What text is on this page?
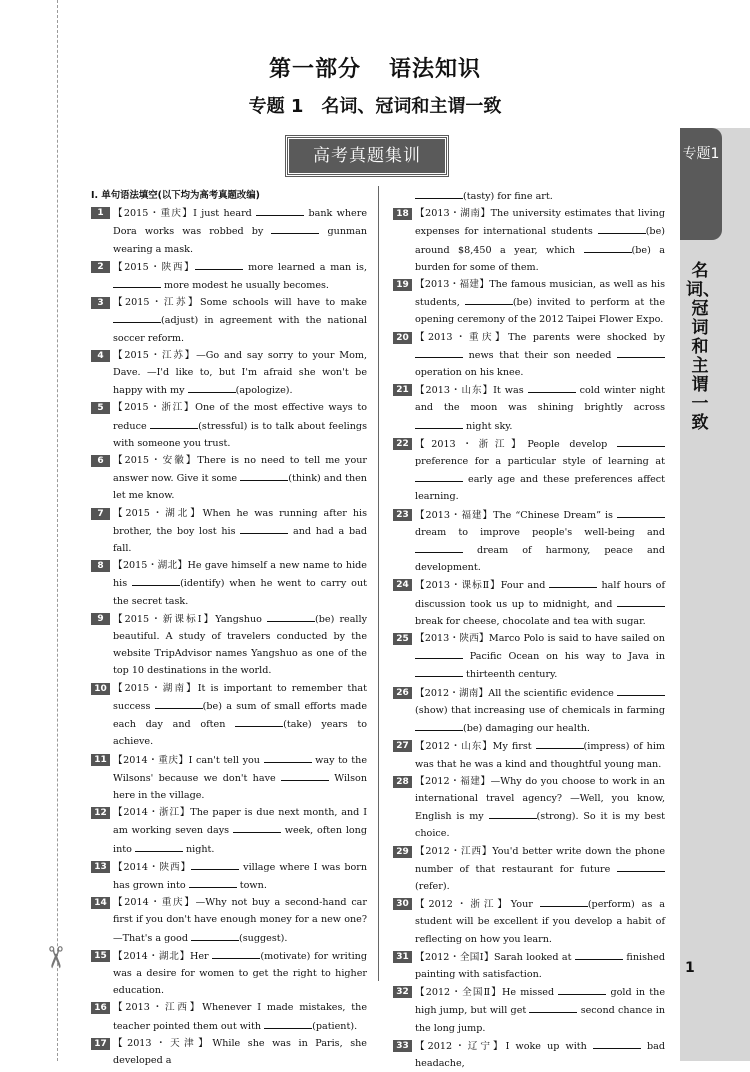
✂
第一部分 语法知识
专题 1　名词、冠词和主谓一致
高考真题集训	专题1
名词、冠词和主谓一致
Ⅰ. 单句语法填空(以下均为高考真题改编)
1 【2015・重庆】I just heard	bank where Dora works was robbed by	gunman wearing a mask.
2 【2015・陕西】	more learned a man is,  more modest he usually becomes.
3 【2015・江苏】Some schools will have to make (adjust) in agreement with the national soccer reform.
4 【2015・江苏】—Go and say sorry to your Mom, Dave. —I'd like to, but I'm afraid she won't be happy with my	(apologize).
5 【2015・浙江】One of the most effective ways to reduce	(stressful) is to talk about feelings with someone you trust.
6 【2015・安徽】There is no need to tell me your answer now. Give it some	(think) and then let me know.
7 【2015・湖北】When he was running after his brother, the boy lost his	and had a bad fall.
8 【2015・湖北】He gave himself a new name to hide his	(identify) when he went to carry out the secret task.
9 【2015・新课标Ⅰ】Yangshuo	(be) really beautiful. A study of travelers conducted by the website TripAdvisor names Yangshuo as one of the top 10 destinations in the world.
10 【2015・湖南】It is important to remember that success	(be) a sum of small efforts made each day and often	(take) years to achieve.
11 【2014・重庆】I can't tell you	way to the Wilsons' because we don't have	Wilson here in the village.
12 【2014・浙江】The paper is due next month, and I am working seven days	week, often long into	night.
13 【2014・陕西】	village where I was born has grown into	town.
14 【2014・重庆】—Why not buy a second-hand car first if you don't have enough money for a new one? —That's a good	(suggest).
15 【2014・湖北】Her	(motivate) for writing was a desire for women to get the right to higher education.
16 【2013・江西】Whenever I made mistakes, the teacher pointed them out with	(patient).
17 【2013・天津】While she was in Paris, she developed a
(tasty) for fine art.
18 【2013・湖南】The university estimates that living expenses for international students	(be) around $8,450 a year, which	(be) a burden for some of them.
19 【2013・福建】The famous musician, as well as his students,	(be) invited to perform at the opening ceremony of the 2012 Taipei Flower Expo.
20 【2013・重庆】The parents were shocked by  news that their son needed  operation on his knee.
21 【2013・山东】It was	cold winter night and the moon was shining brightly across  night sky.
22 【2013・浙江】People develop  preference for a particular style of learning at  early age and these preferences affect learning.
23 【2013・福建】The “Chinese Dream” is  dream to improve people's well-being and  dream of harmony, peace and development.
24 【2013・课标Ⅱ】Four and	half hours of discussion took us up to midnight, and  break for cheese, chocolate and tea with sugar.
25 【2013・陕西】Marco Polo is said to have sailed on  Pacific Ocean on his way to Java in  thirteenth century.
26 【2012・湖南】All the scientific evidence (show) that increasing use of chemicals in farming (be) damaging our health.
27 【2012・山东】My first	(impress) of him was that he was a kind and thoughtful young man.
28 【2012・福建】—Why do you choose to work in an international travel agency? —Well, you know, English is my	(strong). So it is my best choice.
29 【2012・江西】You'd better write down the phone number of that restaurant for future (refer).
30 【2012・浙江】Your	(perform) as a student will be excellent if you develop a habit of reflecting on how you learn.
31 【2012・全国Ⅰ】Sarah looked at	finished painting with satisfaction.
32 【2012・全国Ⅱ】He missed	gold in the high jump, but will get	second chance in the long jump.
33 【2012・辽宁】I woke up with	bad headache,
1
